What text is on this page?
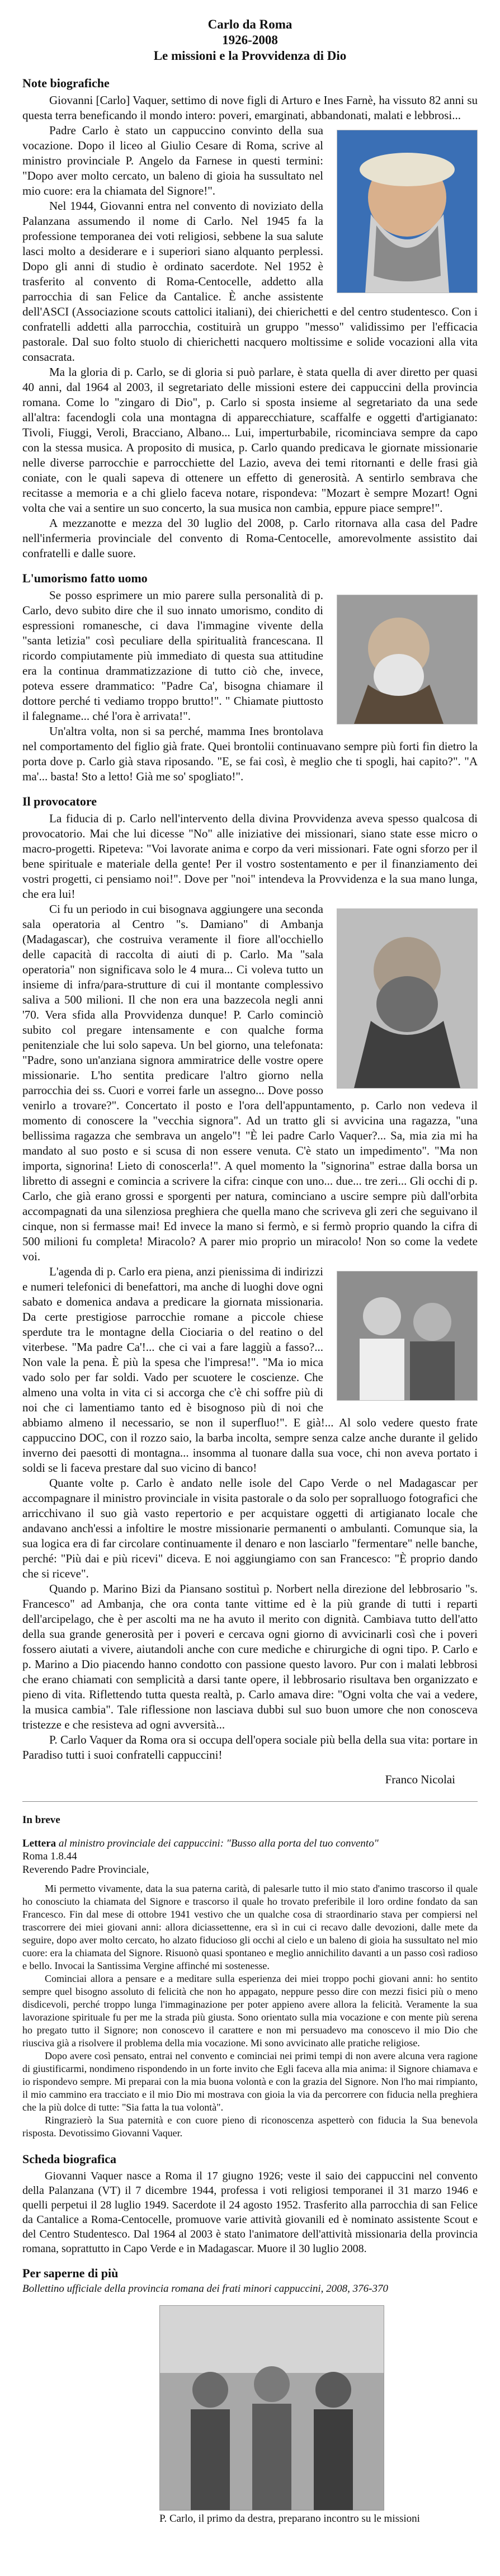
Carlo da Roma
1926-2008
Le missioni e la Provvidenza di Dio
Note biografiche

Giovanni [Carlo] Vaquer, settimo di nove figli di Arturo e Ines Farnè, ha vissuto 82 anni su questa terra beneficando il mondo intero: poveri, emarginati, abbandonati, malati e lebbrosi...

Padre Carlo è stato un cappuccino convinto della sua vocazione. Dopo il liceo al Giulio Cesare di Roma, scrive al ministro provinciale P. Angelo da Farnese in questi termini: "Dopo aver molto cercato, un baleno di gioia ha sussultato nel mio cuore: era la chiamata del Signore!".

Nel 1944, Giovanni entra nel convento di noviziato della Palanzana assumendo il nome di Carlo. Nel 1945 fa la professione temporanea dei voti religiosi, sebbene la sua salute lasci molto a desiderare e i superiori siano alquanto perplessi. Dopo gli anni di studio è ordinato sacerdote. Nel 1952 è trasferito al convento di Roma-Centocelle, addetto alla parrocchia di san Felice da Cantalice. È anche assistente dell'ASCI (Associazione scouts cattolici italiani), dei chierichetti e del centro studentesco. Con i confratelli addetti alla parrocchia, costituirà un gruppo "messo" validissimo per l'efficacia pastorale. Dal suo folto stuolo di chierichetti nacquero moltissime e solide vocazioni alla vita consacrata.

Ma la gloria di p. Carlo, se di gloria si può parlare, è stata quella di aver diretto per quasi 40 anni, dal 1964 al 2003, il segretariato delle missioni estere dei cappuccini della provincia romana. Come lo "zingaro di Dio", p. Carlo si sposta insieme al segretariato da una sede all'altra: facendogli cola una montagna di apparecchiature, scaffalfe e oggetti d'artigianato: Tivoli, Fiuggi, Veroli, Bracciano, Albano... Lui, imperturbabile, ricominciava sempre da capo con la stessa musica. A proposito di musica, p. Carlo quando predicava le giornate missionarie nelle diverse parrocchie e parrocchiette del Lazio, aveva dei temi ritornanti e delle frasi già coniate, con le quali sapeva di ottenere un effetto di generosità. A sentirlo sembrava che recitasse a memoria e a chi glielo faceva notare, rispondeva: "Mozart è sempre Mozart! Ogni volta che vai a sentire un suo concerto, la sua musica non cambia, eppure piace sempre!".

A mezzanotte e mezza del 30 luglio del 2008, p. Carlo ritornava alla casa del Padre nell'infermeria provinciale del convento di Roma-Centocelle, amorevolmente assistito dai confratelli e dalle suore.

L'umorismo fatto uomo

Se posso esprimere un mio parere sulla personalità di p. Carlo, devo subito dire che il suo innato umorismo, condito di espressioni romanesche, ci dava l'immagine vivente della "santa letizia" così peculiare della spiritualità francescana. Il ricordo compiutamente più immediato di questa sua attitudine era la continua drammatizzazione di tutto ciò che, invece, poteva essere drammatico: "Padre Ca', bisogna chiamare il dottore perché ti vediamo troppo brutto!". " Chiamate piuttosto il falegname... ché l'ora è arrivata!".

Un'altra volta, non si sa perché, mamma Ines brontolava nel comportamento del figlio già frate. Quei brontolii continuavano sempre più forti fin dietro la porta dove p. Carlo già stava riposando. "E, se fai così, è meglio che ti spogli, hai capito?". "A ma'... basta! Sto a letto! Già me so' spogliato!".

Il provocatore

La fiducia di p. Carlo nell'intervento della divina Provvidenza aveva spesso qualcosa di provocatorio. Mai che lui dicesse "No" alle iniziative dei missionari, siano state esse micro o macro-progetti. Ripeteva: "Voi lavorate anima e corpo da veri missionari. Fate ogni sforzo per il bene spirituale e materiale della gente! Per il vostro sostentamento e per il finanziamento dei vostri progetti, ci pensiamo noi!". Dove per "noi" intendeva la Provvidenza e la sua mano lunga, che era lui!

Ci fu un periodo in cui bisognava aggiungere una seconda sala operatoria al Centro "s. Damiano" di Ambanja (Madagascar), che costruiva veramente il fiore all'occhiello delle capacità di raccolta di aiuti di p. Carlo. Ma "sala operatoria" non significava solo le 4 mura... Ci voleva tutto un insieme di infra/para-strutture di cui il montante complessivo saliva a 500 milioni. Il che non era una bazzecola negli anni '70. Vera sfida alla Provvidenza dunque! P. Carlo cominciò subito col pregare intensamente e con qualche forma penitenziale che lui solo sapeva. Un bel giorno, una telefonata: "Padre, sono un'anziana signora ammiratrice delle vostre opere missionarie. L'ho sentita predicare l'altro giorno nella parrocchia dei ss. Cuori e vorrei farle un assegno... Dove posso venirlo a trovare?". Concertato il posto e l'ora dell'appuntamento, p. Carlo non vedeva il momento di conoscere la "vecchia signora". Ad un tratto gli si avvicina una ragazza, "una bellissima ragazza che sembrava un angelo"! "È lei padre Carlo Vaquer?... Sa, mia zia mi ha mandato al suo posto e si scusa di non essere venuta. C'è stato un impedimento". "Ma non importa, signorina! Lieto di conoscerla!". A quel momento la "signorina" estrae dalla borsa un libretto di assegni e comincia a scrivere la cifra: cinque con uno... due... tre zeri... Gli occhi di p. Carlo, che già erano grossi e sporgenti per natura, cominciano a uscire sempre più dall'orbita accompagnati da una silenziosa preghiera che quella mano che scriveva gli zeri che seguivano il cinque, non si fermasse mai! Ed invece la mano si fermò, e si fermò proprio quando la cifra di 500 milioni fu completa! Miracolo? A parer mio proprio un miracolo! Non so come la vedete voi.

L'agenda di p. Carlo era piena, anzi pienissima di indirizzi e numeri telefonici di benefattori, ma anche di luoghi dove ogni sabato e domenica andava a predicare la giornata missionaria. Da certe prestigiose parrocchie romane a piccole chiese sperdute tra le montagne della Ciociaria o del reatino o del viterbese. "Ma padre Ca'!... che ci vai a fare laggiù a fasso?... Non vale la pena. È più la spesa che l'impresa!". "Ma io mica vado solo per far soldi. Vado per scuotere le coscienze. Che almeno una volta in vita ci si accorga che c'è chi soffre più di noi che ci lamentiamo tanto ed è bisognoso più di noi che abbiamo almeno il necessario, se non il superfluo!". E già!... Al solo vedere questo frate cappuccino DOC, con il rozzo saio, la barba incolta, sempre senza calze anche durante il gelido inverno dei paesotti di montagna... insomma al tuonare dalla sua voce, chi non aveva portato i soldi se li faceva prestare dal suo vicino di banco!

Quante volte p. Carlo è andato nelle isole del Capo Verde o nel Madagascar per accompagnare il ministro provinciale in visita pastorale o da solo per sopralluogo fotografici che arricchivano il suo già vasto repertorio e per acquistare oggetti di artigianato locale che andavano anch'essi a infoltire le mostre missionarie permanenti o ambulanti. Comunque sia, la sua logica era di far circolare continuamente il denaro e non lasciarlo "fermentare" nelle banche, perché: "Più dai e più ricevi" diceva. E noi aggiungiamo con san Francesco: "È proprio dando che si riceve".

Quando p. Marino Bizi da Piansano sostituì p. Norbert nella direzione del lebbrosario "s. Francesco" ad Ambanja, che ora conta tante vittime ed è la più grande di tutti i reparti dell'arcipelago, che è per ascolti ma ne ha avuto il merito con dignità. Cambiava tutto dell'atto della sua grande generosità per i poveri e cercava ogni giorno di avvicinarli così che i poveri fossero aiutati a vivere, aiutandoli anche con cure mediche e chirurgiche di ogni tipo. P. Carlo e p. Marino a Dio piacendo hanno condotto con passione questo lavoro. Pur con i malati lebbrosi che erano chiamati con semplicità a darsi tante opere, il lebbrosario risultava ben organizzato e pieno di vita. Riflettendo tutta questa realtà, p. Carlo amava dire: "Ogni volta che vai a vedere, la musica cambia". Tale riflessione non lasciava dubbi sul suo buon umore che non conosceva tristezze e che resisteva ad ogni avversità...

P. Carlo Vaquer da Roma ora si occupa dell'opera sociale più bella della sua vita: portare in Paradiso tutti i suoi confratelli cappuccini!

Franco Nicolai
In breve
Lettera al ministro provinciale dei cappuccini: "Busso alla porta del tuo convento"
Roma 1.8.44
Reverendo Padre Provinciale,

Mi permetto vivamente, data la sua paterna carità, di palesarle tutto il mio stato d'animo trascorso il quale ho conosciuto la chiamata del Signore e trascorso il quale ho trovato preferibile il loro ordine fondato da san Francesco. Fin dal mese di ottobre 1941 vestivo che un qualche cosa di straordinario stava per compiersi nel trascorrere dei miei giovani anni: allora diciassettenne, era sì in cui ci recavo dalle devozioni, dalle mete da seguire, dopo aver molto cercato, ho alzato fiducioso gli occhi al cielo e un baleno di gioia ha sussultato nel mio cuore: era la chiamata del Signore. Risuonò quasi spontaneo e meglio annichilito davanti a un passo così radioso e bello. Invocai la Santissima Vergine affinché mi sostenesse.

Cominciai allora a pensare e a meditare sulla esperienza dei miei troppo pochi giovani anni: ho sentito sempre quel bisogno assoluto di felicità che non ho appagato, neppure pesso dire con mezzi fisici più o meno disdicevoli, perché troppo lunga l'immaginazione per poter appieno avere allora la felicità. Veramente la sua lavorazione spirituale fu per me la strada più giusta. Sono orientato sulla mia vocazione e con mente più serena ho pregato tutto il Signore; non conoscevo il carattere e non mi persuadevo ma conoscevo il mio Dio che riusciva già a risolvere il problema della mia vocazione. Mi sono avvicinato alle pratiche religiose.

Dopo avere così pensato, entrai nel convento e cominciai nei primi tempi di non avere alcuna vera ragione di giustificarmi, nondimeno rispondendo in un forte invito che Egli faceva alla mia anima: il Signore chiamava e io rispondevo sempre. Mi preparai con la mia buona volontà e con la grazia del Signore. Non l'ho mai rimpianto, il mio cammino era tracciato e il mio Dio mi mostrava con gioia la via da percorrere con fiducia nella preghiera che la più dolce di tutte: "Sia fatta la tua volontà".

Ringrazierò la Sua paternità e con cuore pieno di riconoscenza aspetterò con fiducia la Sua benevola risposta. Devotissimo Giovanni Vaquer.

Scheda biografica

Giovanni Vaquer nasce a Roma il 17 giugno 1926; veste il saio dei cappuccini nel convento della Palanzana (VT) il 7 dicembre 1944, professa i voti religiosi temporanei il 31 marzo 1946 e quelli perpetui il 28 luglio 1949. Sacerdote il 24 agosto 1952. Trasferito alla parrocchia di san Felice da Cantalice a Roma-Centocelle, promuove varie attività giovanili ed è nominato assistente Scout e del Centro Studentesco. Dal 1964 al 2003 è stato l'animatore dell'attività missionaria della provincia romana, soprattutto in Capo Verde e in Madagascar. Muore il 30 luglio 2008.

Per saperne di più
Bollettino ufficiale della provincia romana dei frati minori cappuccini, 2008, 376-370
P. Carlo, il primo da destra, preparano incontro su le missioni
